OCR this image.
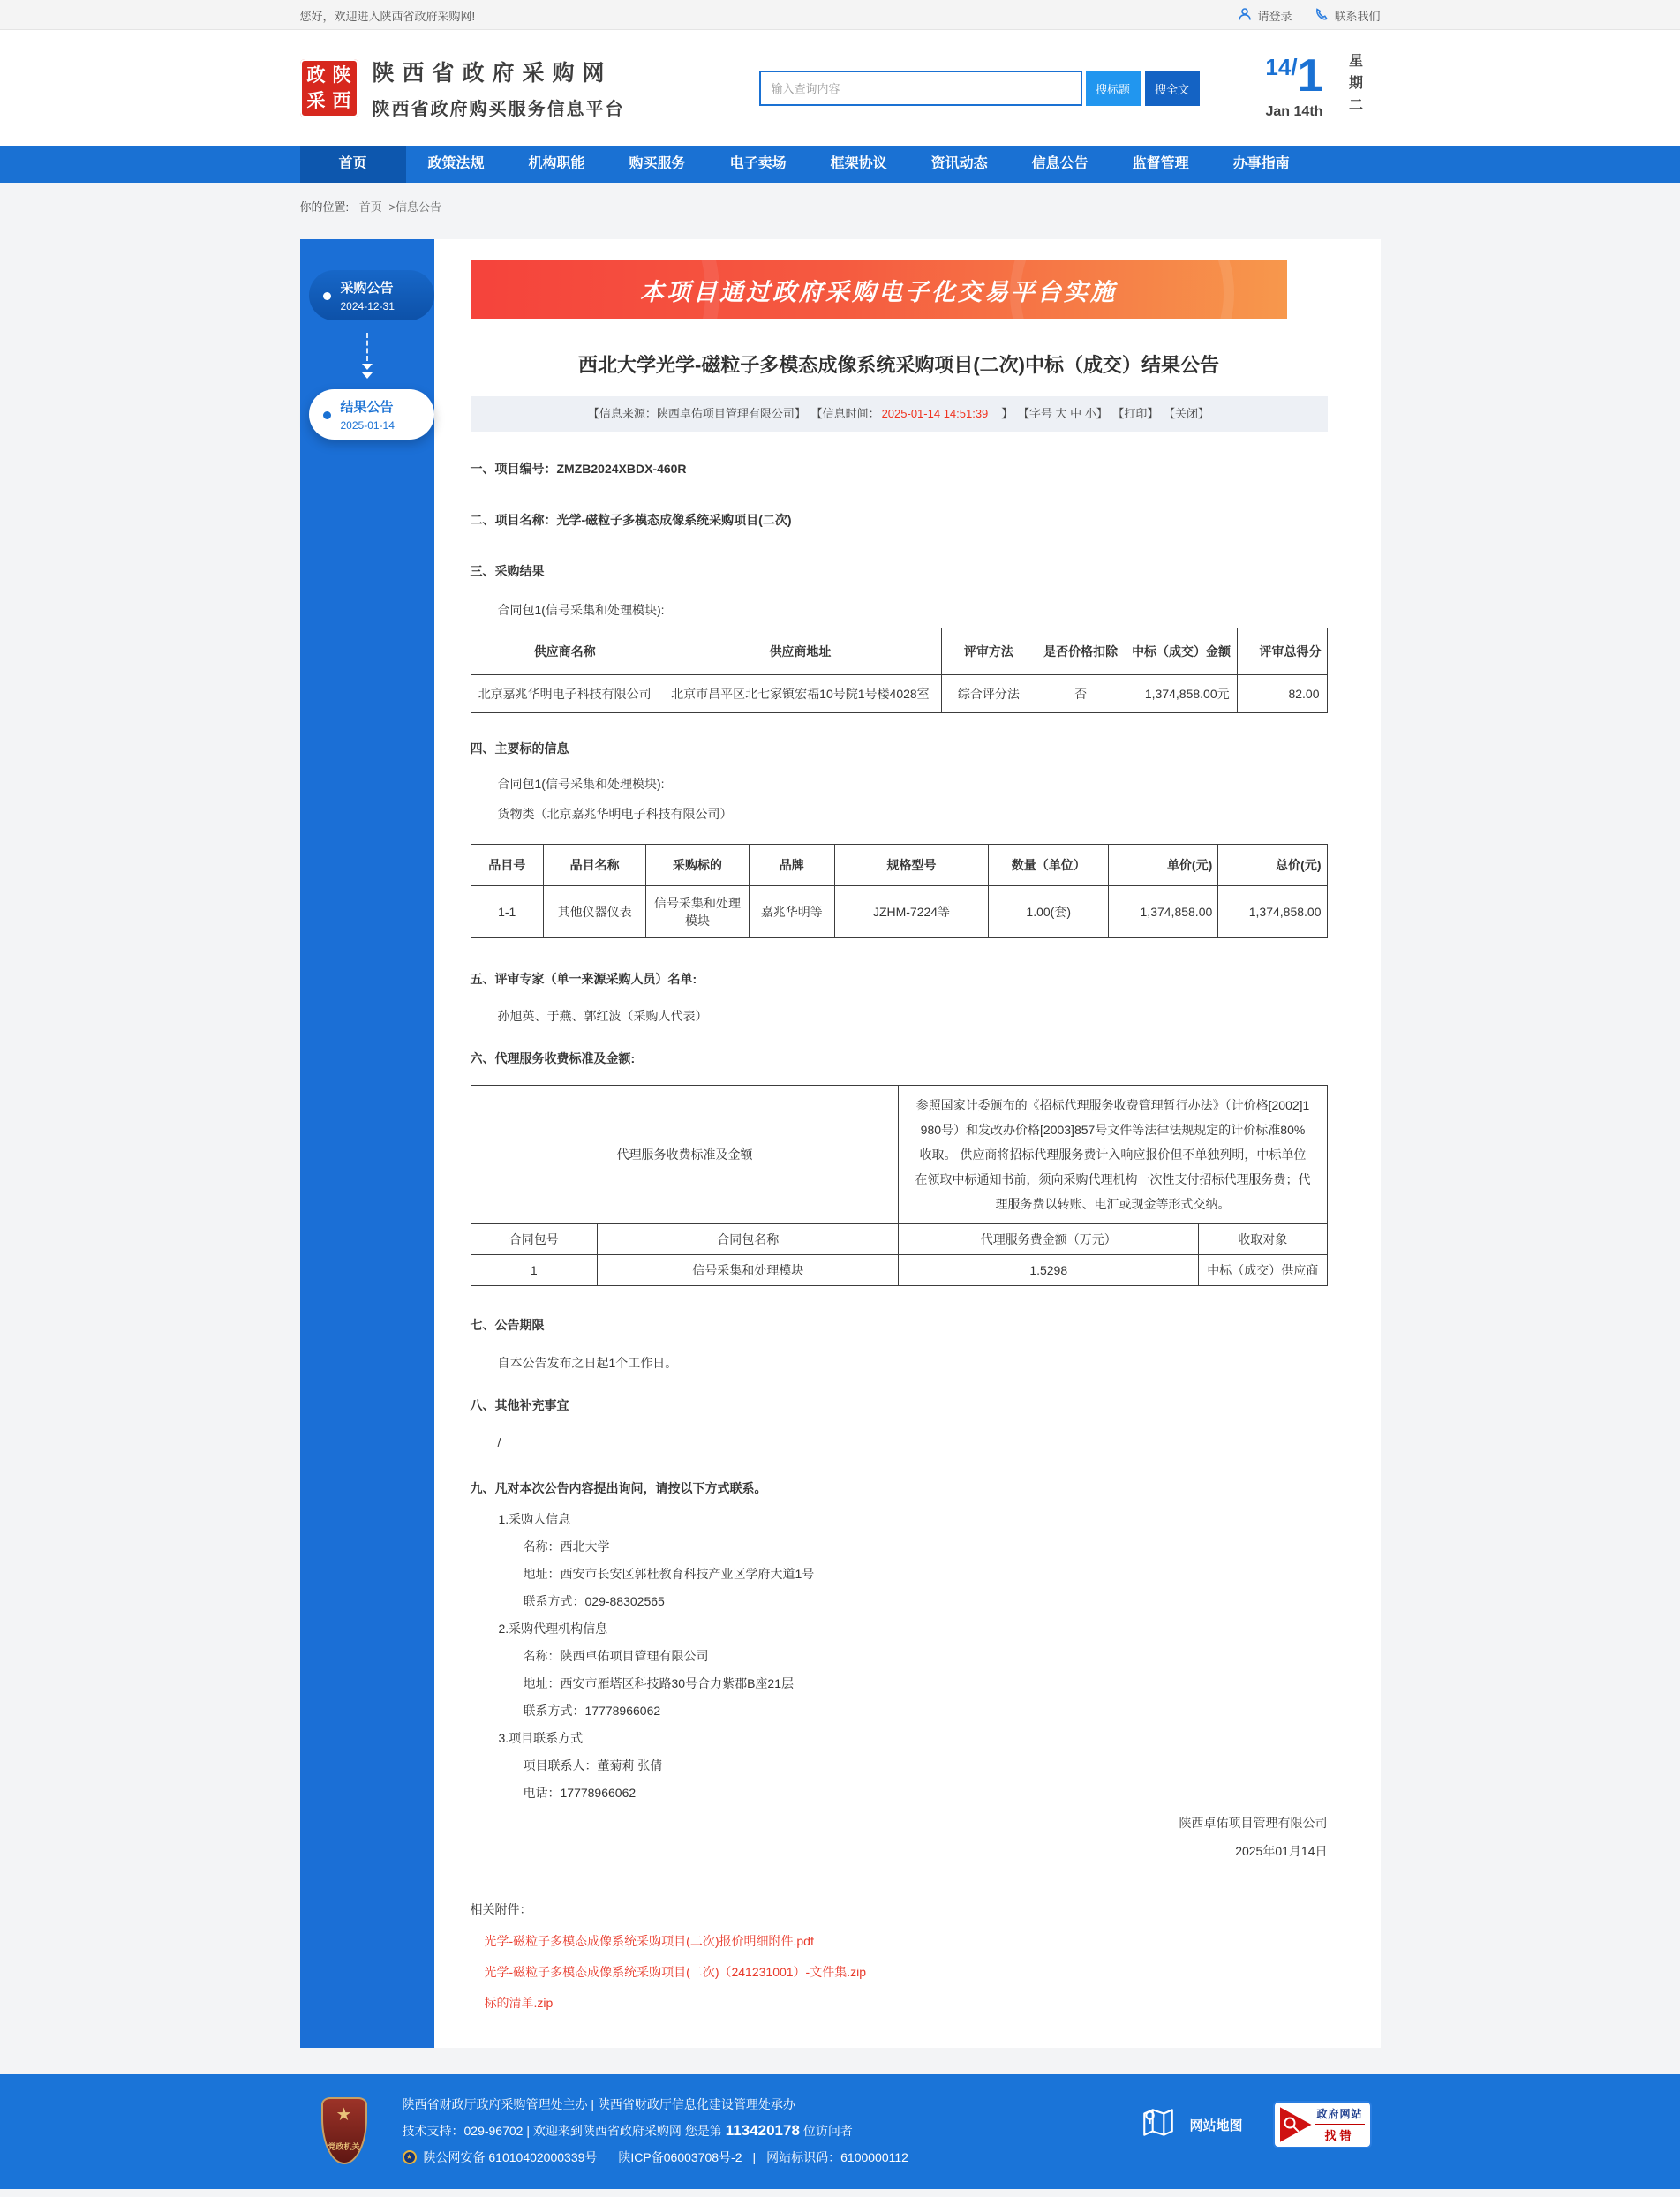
您好，欢迎进入陕西省政府采购网!	请登录	联系我们
政 陕
采 西
陕西省政府采购网
陕西省政府购买服务信息平台
输入查询内容
搜标题	搜全文
14/1
Jan 14th 星期二
首页	政策法规	机构职能	购买服务	电子卖场	框架协议	资讯动态	信息公告	监督管理	办事指南
你的位置: 首页 >信息公告
采购公告
2024-12-31
结果公告
2025-01-14
本项目通过政府采购电子化交易平台实施
西北大学光学-磁粒子多模态成像系统采购项目(二次)中标（成交）结果公告
【信息来源：陕西卓佑项目管理有限公司】 【信息时间： 2025-01-14 14:51:39　】 【字号 大 中 小】 【打印】 【关闭】
一、项目编号：ZMZB2024XBDX-460R
二、项目名称：光学-磁粒子多模态成像系统采购项目(二次)
三、采购结果
合同包1(信号采集和处理模块):
供应商名称	供应商地址	评审方法	是否价格扣除	中标（成交）金额	评审总得分
北京嘉兆华明电子科技有限公司	北京市昌平区北七家镇宏福10号院1号楼4028室	综合评分法	否	1,374,858.00元	82.00
四、主要标的信息
合同包1(信号采集和处理模块):
货物类（北京嘉兆华明电子科技有限公司）
品目号	品目名称	采购标的	品牌	规格型号	数量（单位）	单价(元)	总价(元)
1-1	其他仪器仪表	信号采集和处理模块	嘉兆华明等	JZHM-7224等	1.00(套)	1,374,858.00	1,374,858.00
五、评审专家（单一来源采购人员）名单:
孙旭英、于燕、郭红波（采购人代表）
六、代理服务收费标准及金额:
代理服务收费标准及金额		参照国家计委颁布的《招标代理服务收费管理暂行办法》（计价格[2002]1980号）和发改办价格[2003]857号文件等法律法规规定的计价标准80%收取。 供应商将招标代理服务费计入响应报价但不单独列明，中标单位在领取中标通知书前，须向采购代理机构一次性支付招标代理服务费；代理服务费以转账、电汇或现金等形式交纳。	
合同包号	合同包名称	代理服务费金额（万元）	收取对象
1	信号采集和处理模块	1.5298	中标（成交）供应商
七、公告期限
自本公告发布之日起1个工作日。
八、其他补充事宜
/
九、凡对本次公告内容提出询问，请按以下方式联系。
1.采购人信息
名称：西北大学
地址：西安市长安区郭杜教育科技产业区学府大道1号
联系方式：029-88302565
2.采购代理机构信息
名称：陕西卓佑项目管理有限公司
地址：西安市雁塔区科技路30号合力紫郡B座21层
联系方式：17778966062
3.项目联系方式
项目联系人：董菊莉 张倩
电话：17778966062
陕西卓佑项目管理有限公司
2025年01月14日
相关附件：
光学-磁粒子多模态成像系统采购项目(二次)报价明细附件.pdf
光学-磁粒子多模态成像系统采购项目(二次)（241231001）-文件集.zip
标的清单.zip
★
党政机关
陕西省财政厅政府采购管理处主办 | 陕西省财政厅信息化建设管理处承办
技术支持：029-96702 | 欢迎来到陕西省政府采购网 您是第 113420178 位访问者
★ 陕公网安备 61010402000339号 陕ICP备06003708号-2 | 网站标识码：6100000112
网站地图
政府网站
找错
